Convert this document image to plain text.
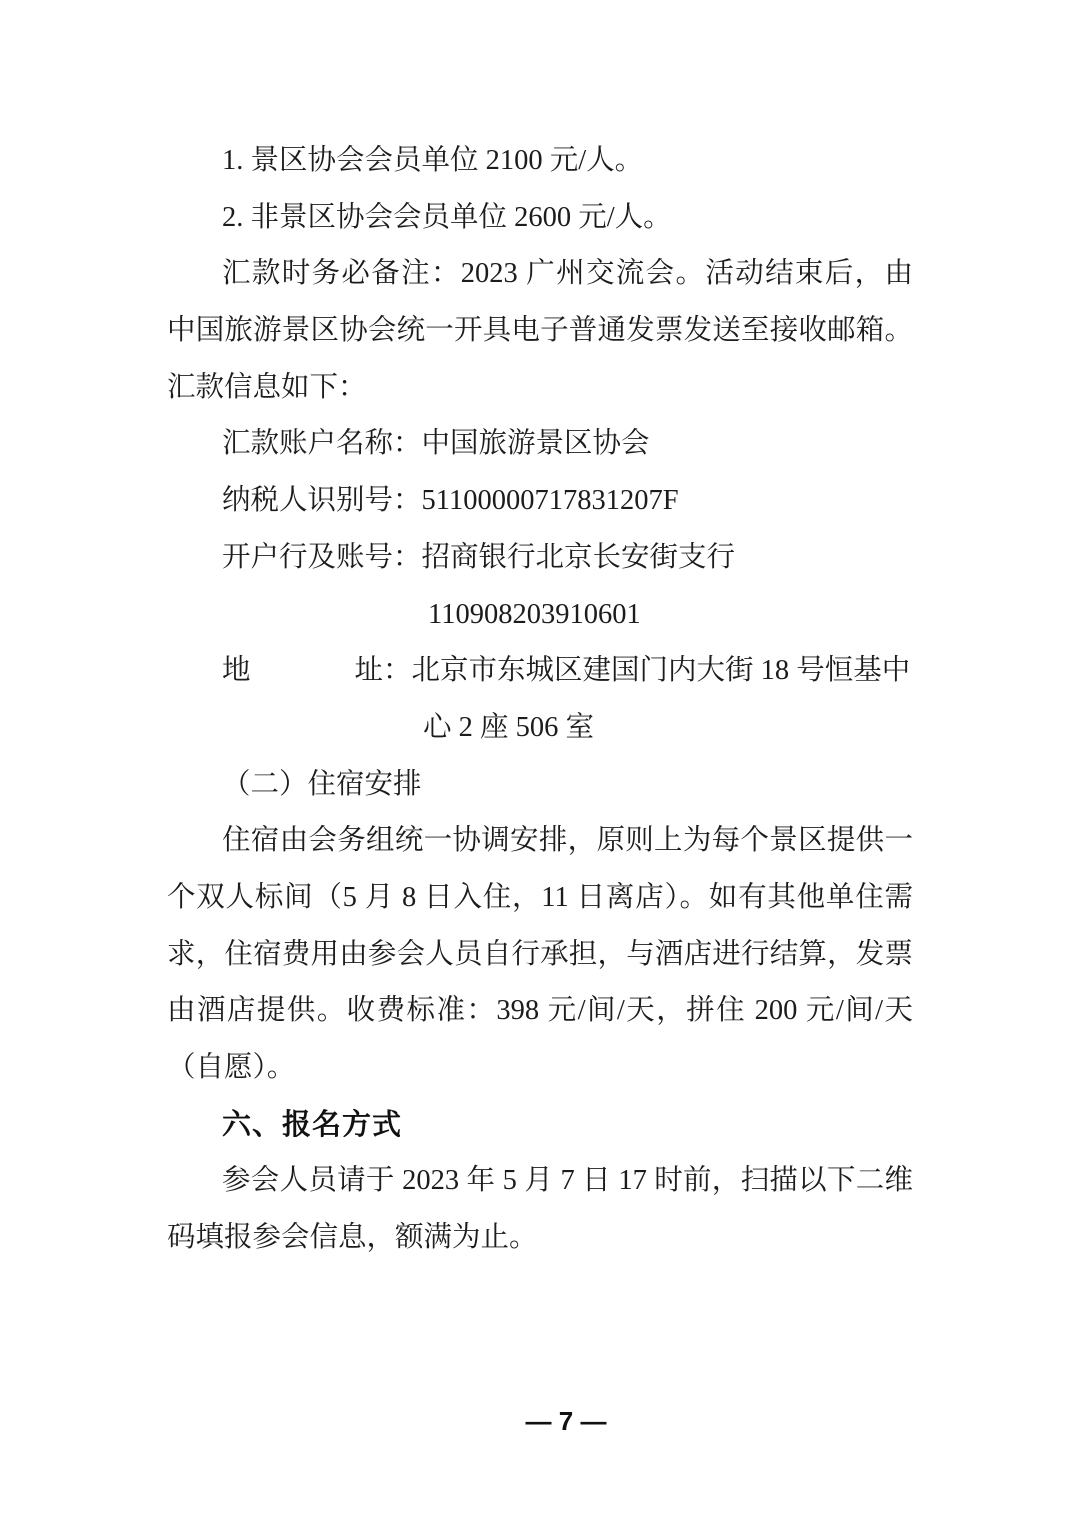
1. 景区协会会员单位 2100 元/人。
2. 非景区协会会员单位 2600 元/人。
汇款时务必备注：2023 广州交流会。活动结束后，由
中国旅游景区协会统一开具电子普通发票发送至接收邮箱。
汇款信息如下：
汇款账户名称：中国旅游景区协会
纳税人识别号：51100000717831207F
开户行及账号：招商银行北京长安街支行
110908203910601
地	址：北京市东城区建国门内大街 18 号恒基中
心 2 座 506 室
（二）住宿安排
住宿由会务组统一协调安排，原则上为每个景区提供一
个双人标间（5 月 8 日入住，11 日离店）。如有其他单住需
求，住宿费用由参会人员自行承担，与酒店进行结算，发票
由酒店提供。收费标准：398 元/间/天，拼住 200 元/间/天
（自愿）。
六、报名方式
参会人员请于 2023 年 5 月 7 日 17 时前，扫描以下二维
码填报参会信息，额满为止。
— 7 —
